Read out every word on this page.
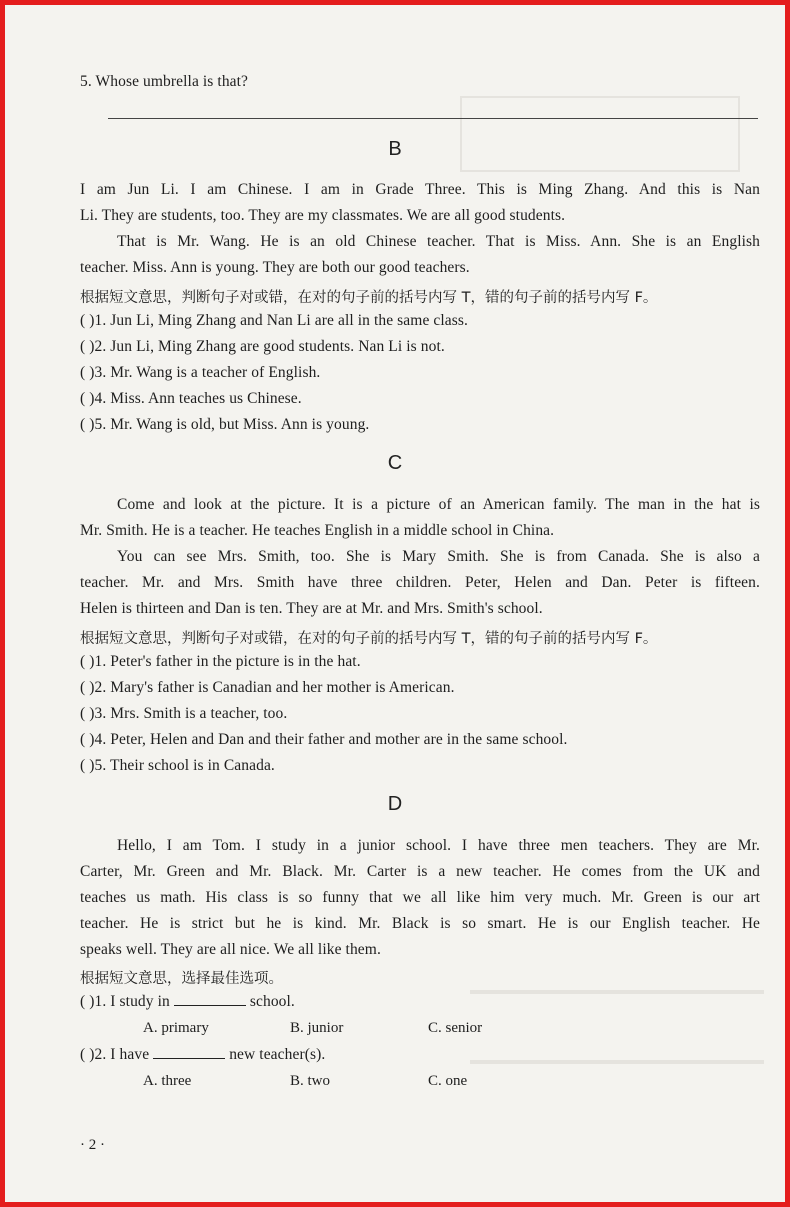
5. Whose umbrella is that?
B
I am Jun Li. I am Chinese. I am in Grade Three. This is Ming Zhang. And this is Nan
Li. They are students, too. They are my classmates. We are all good students.
That is Mr. Wang. He is an old Chinese teacher. That is Miss. Ann. She is an English
teacher. Miss. Ann is young. They are both our good teachers.
根据短文意思，判断句子对或错，在对的句子前的括号内写 T，错的句子前的括号内写 F。
( )1. Jun Li, Ming Zhang and Nan Li are all in the same class.
( )2. Jun Li, Ming Zhang are good students. Nan Li is not.
( )3. Mr. Wang is a teacher of English.
( )4. Miss. Ann teaches us Chinese.
( )5. Mr. Wang is old, but Miss. Ann is young.
C
Come and look at the picture. It is a picture of an American family. The man in the hat is
Mr. Smith. He is a teacher. He teaches English in a middle school in China.
You can see Mrs. Smith, too. She is Mary Smith. She is from Canada. She is also a
teacher. Mr. and Mrs. Smith have three children. Peter, Helen and Dan. Peter is fifteen.
Helen is thirteen and Dan is ten. They are at Mr. and Mrs. Smith's school.
根据短文意思，判断句子对或错，在对的句子前的括号内写 T，错的句子前的括号内写 F。
( )1. Peter's father in the picture is in the hat.
( )2. Mary's father is Canadian and her mother is American.
( )3. Mrs. Smith is a teacher, too.
( )4. Peter, Helen and Dan and their father and mother are in the same school.
( )5. Their school is in Canada.
D
Hello, I am Tom. I study in a junior school. I have three men teachers. They are Mr.
Carter, Mr. Green and Mr. Black. Mr. Carter is a new teacher. He comes from the UK and
teaches us math. His class is so funny that we all like him very much. Mr. Green is our art
teacher. He is strict but he is kind. Mr. Black is so smart. He is our English teacher. He
speaks well. They are all nice. We all like them.
根据短文意思，选择最佳选项。
( )1. I study in	school.
A. primary	B. junior	C. senior
( )2. I have	new teacher(s).
A. three	B. two	C. one
· 2 ·
